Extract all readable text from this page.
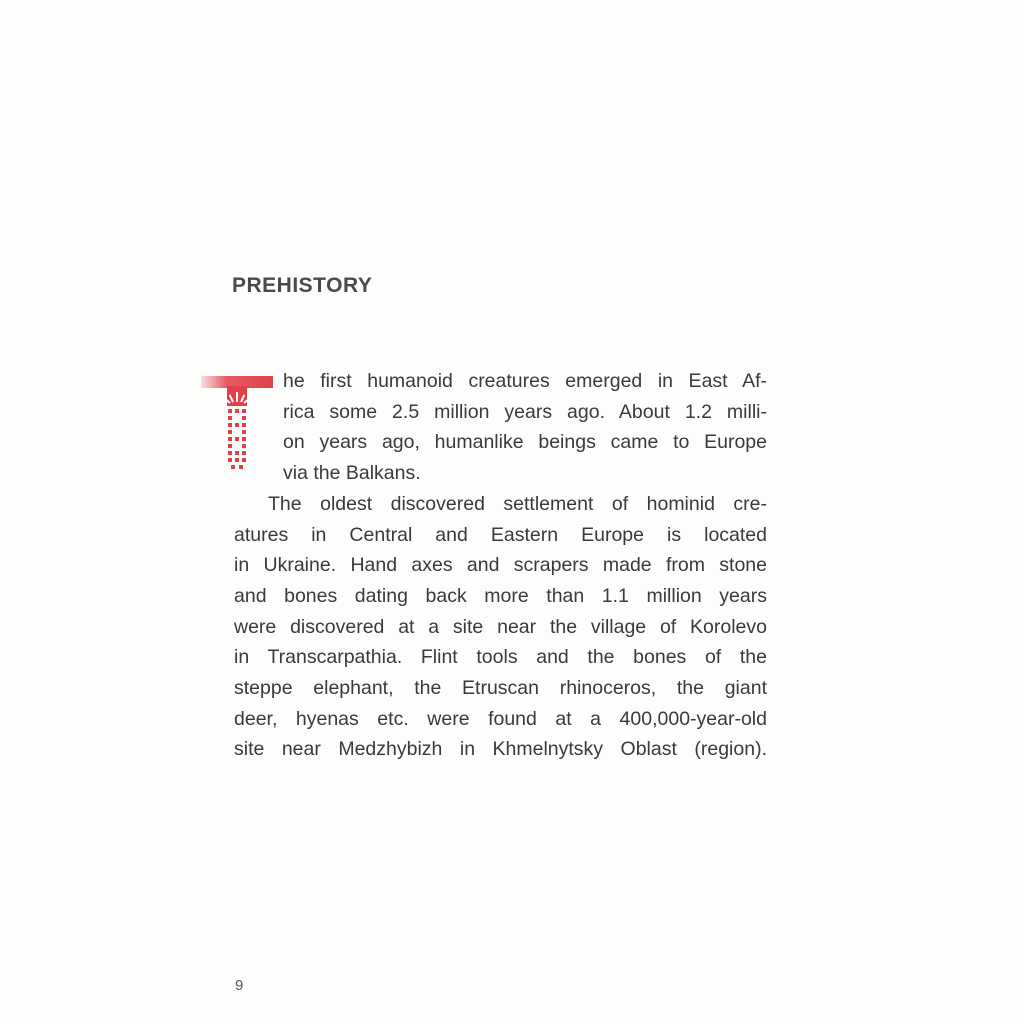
PREHISTORY
he first humanoid creatures emerged in East Af-
rica some 2.5 million years ago. About 1.2 milli-
on years ago, humanlike beings came to Europe
via the Balkans.
The oldest discovered settlement of hominid cre-
atures in Central and Eastern Europe is located
in Ukraine. Hand axes and scrapers made from stone
and bones dating back more than 1.1 million years
were discovered at a site near the village of Korolevo
in Transcarpathia. Flint tools and the bones of the
steppe elephant, the Etruscan rhinoceros, the giant
deer, hyenas etc. were found at a 400,000-year-old
site near Medzhybizh in Khmelnytsky Oblast (region).
9
